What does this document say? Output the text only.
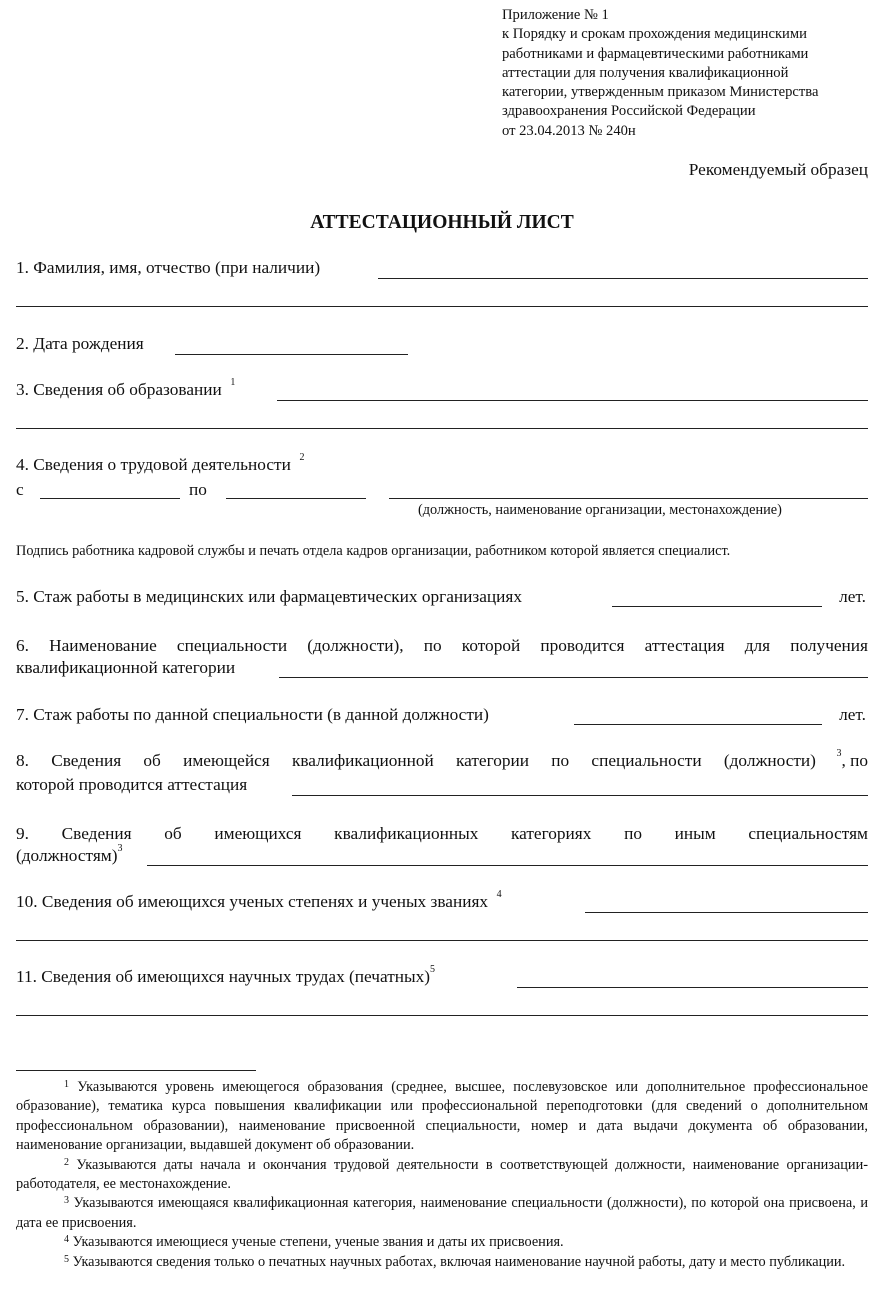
Приложение № 1
к Порядку и срокам прохождения медицинскими
работниками и фармацевтическими работниками
аттестации для получения квалификационной
категории, утвержденным приказом Министерства
здравоохранения Российской Федерации
от 23.04.2013 № 240н
Рекомендуемый образец
АТТЕСТАЦИОННЫЙ ЛИСТ
1. Фамилия, имя, отчество (при наличии)
2. Дата рождения
3. Сведения об образовании $^1$
4. Сведения о трудовой деятельности $^2$
с	по
(должность, наименование организации, местонахождение)
Подпись работника кадровой службы и печать отдела кадров организации, работником которой является специалист.
5. Стаж работы в медицинских или фармацевтических организациях	лет.
6. Наименование специальности (должности), по которой проводится аттестация для получения
квалификационной категории
7. Стаж работы по данной специальности (в данной должности)	лет.
8. Сведения об имеющейся квалификационной категории по специальности (должности) $^3$, по
которой проводится аттестация
9. Сведения об имеющихся квалификационных категориях по иным специальностям
(должностям)$^3$
10. Сведения об имеющихся ученых степенях и ученых званиях $^4$
11. Сведения об имеющихся научных трудах (печатных)$^5$

$^1$ Указываются уровень имеющегося образования (среднее, высшее, послевузовское или дополнительное профессиональное образование), тематика курса повышения квалификации или профессиональной переподготовки (для сведений о дополнительном профессиональном образовании), наименование присвоенной специальности, номер и дата выдачи документа об образовании, наименование организации, выдавшей документ об образовании.

$^2$ Указываются даты начала и окончания трудовой деятельности в соответствующей должности, наименование организации-работодателя, ее местонахождение.

$^3$ Указываются имеющаяся квалификационная категория, наименование специальности (должности), по которой она присвоена, и дата ее присвоения.

$^4$ Указываются имеющиеся ученые степени, ученые звания и даты их присвоения.

$^5$ Указываются сведения только о печатных научных работах, включая наименование научной работы, дату и место публикации.
